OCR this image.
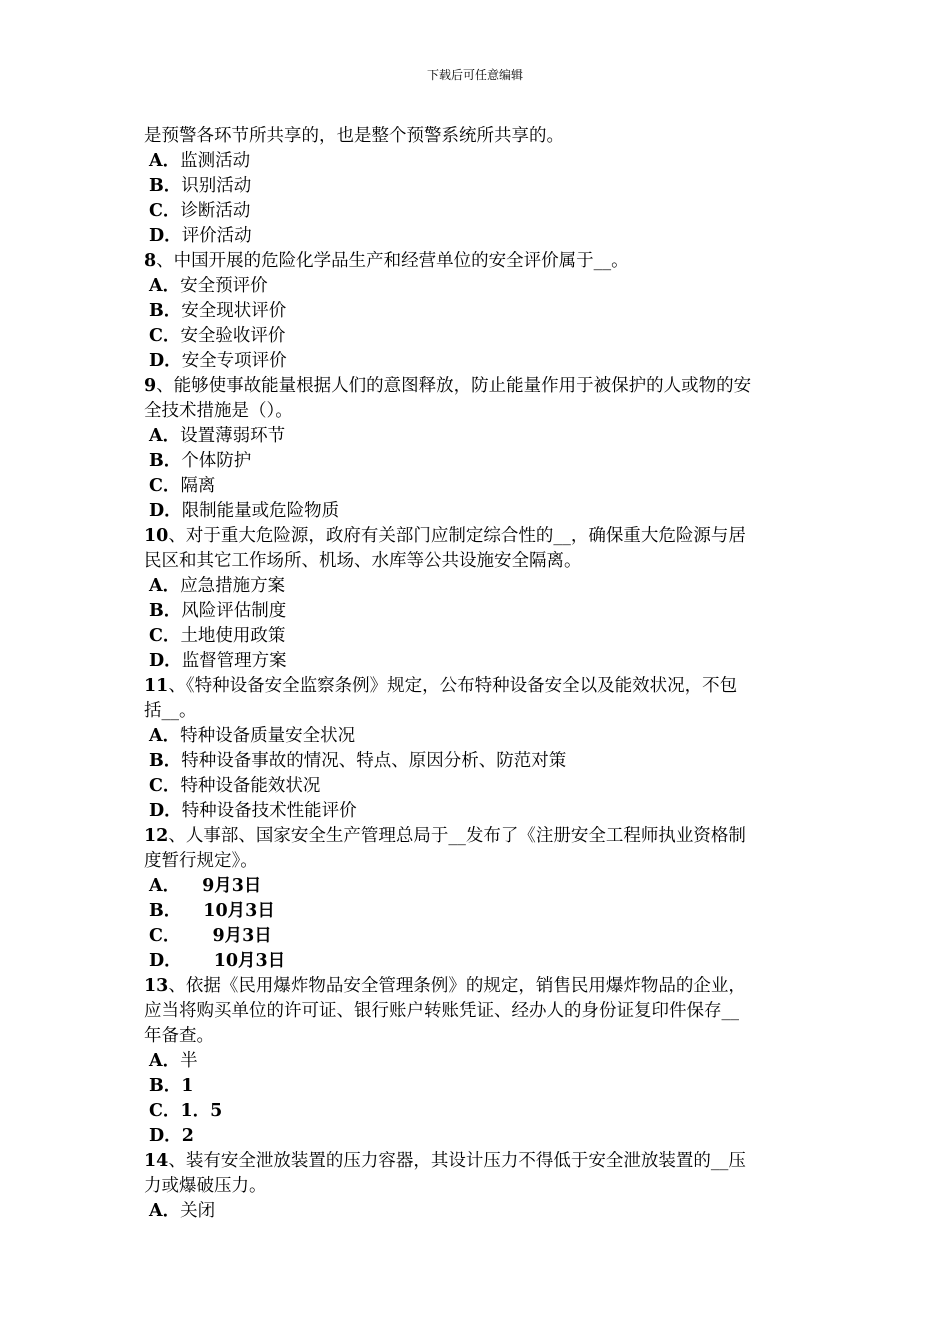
下载后可任意编辑
是预警各环节所共享的，也是整个预警系统所共享的。
A．监测活动
B．识别活动
C．诊断活动
D．评价活动
8、中国开展的危险化学品生产和经营单位的安全评价属于__。
A．安全预评价
B．安全现状评价
C．安全验收评价
D．安全专项评价
9、能够使事故能量根据人们的意图释放，防止能量作用于被保护的人或物的安
全技术措施是（）。
A．设置薄弱环节
B．个体防护
C．隔离
D．限制能量或危险物质
10、对于重大危险源，政府有关部门应制定综合性的__，确保重大危险源与居
民区和其它工作场所、机场、水库等公共设施安全隔离。
A．应急措施方案
B．风险评估制度
C．土地使用政策
D．监督管理方案
11、《特种设备安全监察条例》规定，公布特种设备安全以及能效状况，不包
括__。
A．特种设备质量安全状况
B．特种设备事故的情况、特点、原因分析、防范对策
C．特种设备能效状况
D．特种设备技术性能评价
12、人事部、国家安全生产管理总局于__发布了《注册安全工程师执业资格制
度暂行规定》。
A． 9月3日
B． 10月3日
C． 9月3日
D． 10月3日
13、依据《民用爆炸物品安全管理条例》的规定，销售民用爆炸物品的企业，
应当将购买单位的许可证、银行账户转账凭证、经办人的身份证复印件保存__
年备查。
A．半
B．1
C．1．5
D．2
14、装有安全泄放装置的压力容器，其设计压力不得低于安全泄放装置的__压
力或爆破压力。
A．关闭
